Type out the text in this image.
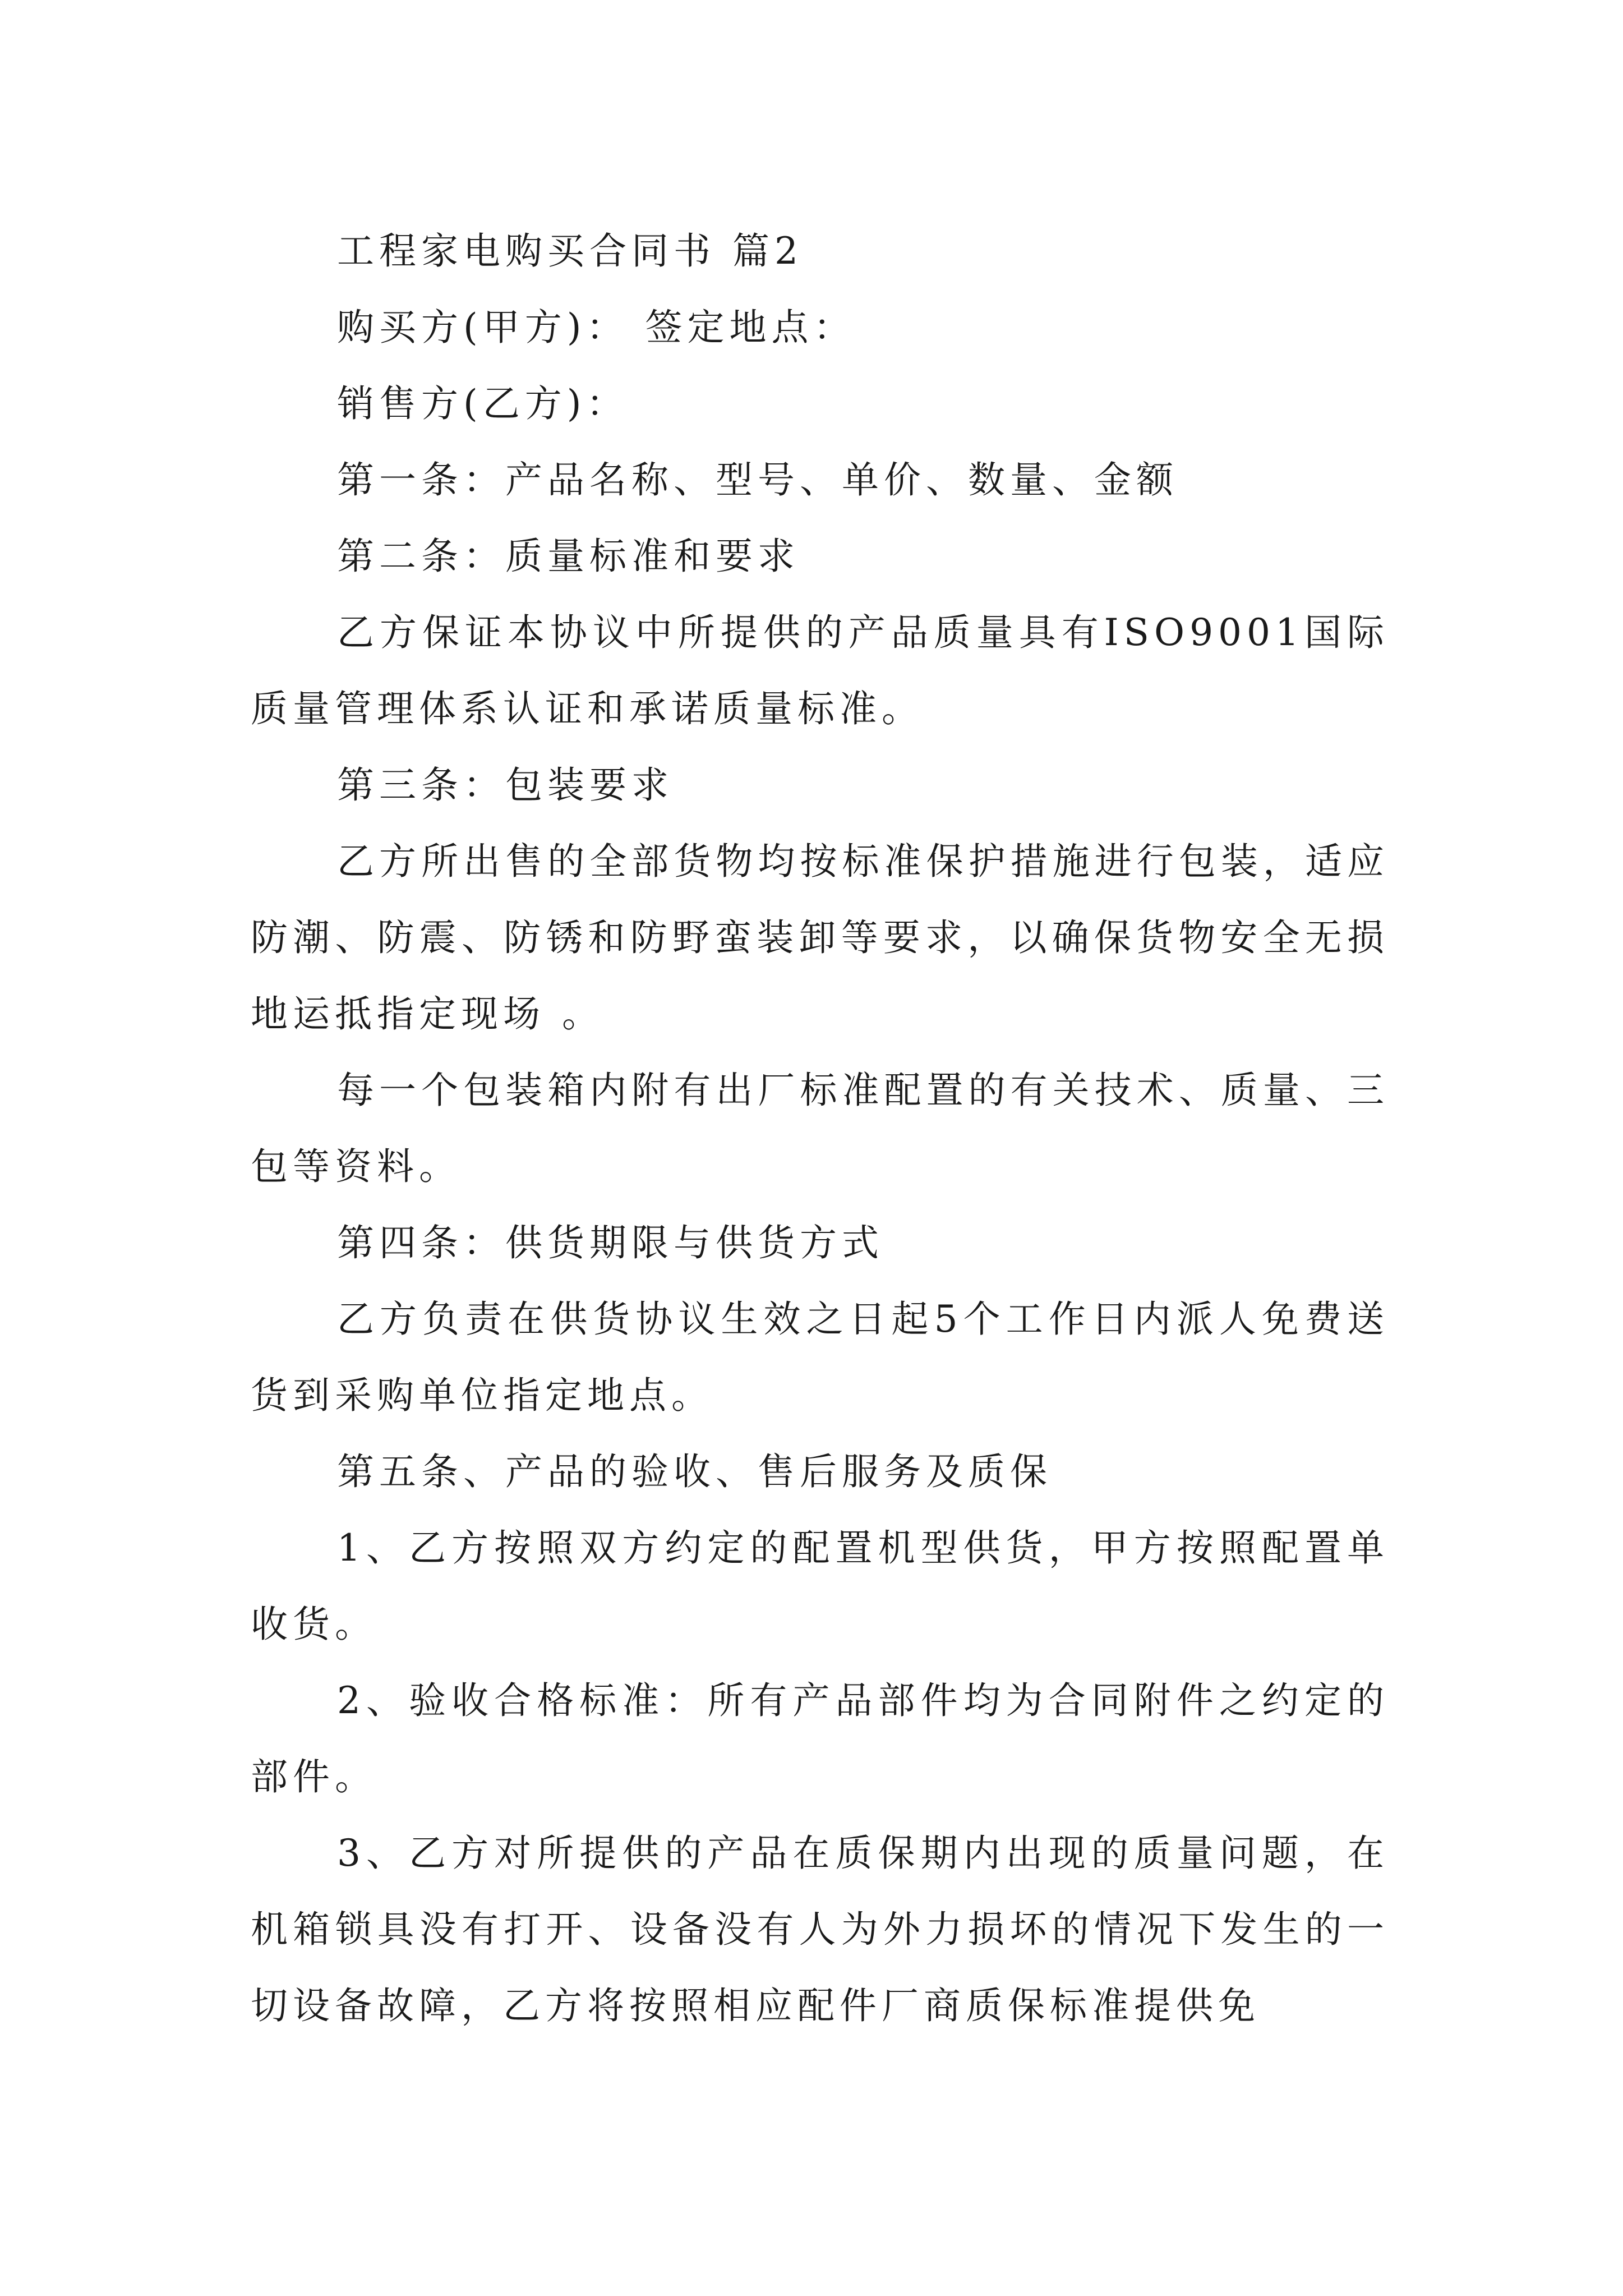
工程家电购买合同书 篇2

购买方(甲方)： 签定地点：

销售方(乙方)：

第一条：产品名称、型号、单价、数量、金额

第二条：质量标准和要求

乙方保证本协议中所提供的产品质量具有ISO9001国际质量管理体系认证和承诺质量标准。

第三条：包装要求

乙方所出售的全部货物均按标准保护措施进行包装，适应防潮、防震、防锈和防野蛮装卸等要求，以确保货物安全无损地运抵指定现场 。

每一个包装箱内附有出厂标准配置的有关技术、质量、三包等资料。

第四条：供货期限与供货方式

乙方负责在供货协议生效之日起5个工作日内派人免费送货到采购单位指定地点。

第五条、产品的验收、售后服务及质保

1、乙方按照双方约定的配置机型供货，甲方按照配置单收货。

2、验收合格标准：所有产品部件均为合同附件之约定的部件。

3、乙方对所提供的产品在质保期内出现的质量问题，在机箱锁具没有打开、设备没有人为外力损坏的情况下发生的一切设备故障，乙方将按照相应配件厂商质保标准提供免
